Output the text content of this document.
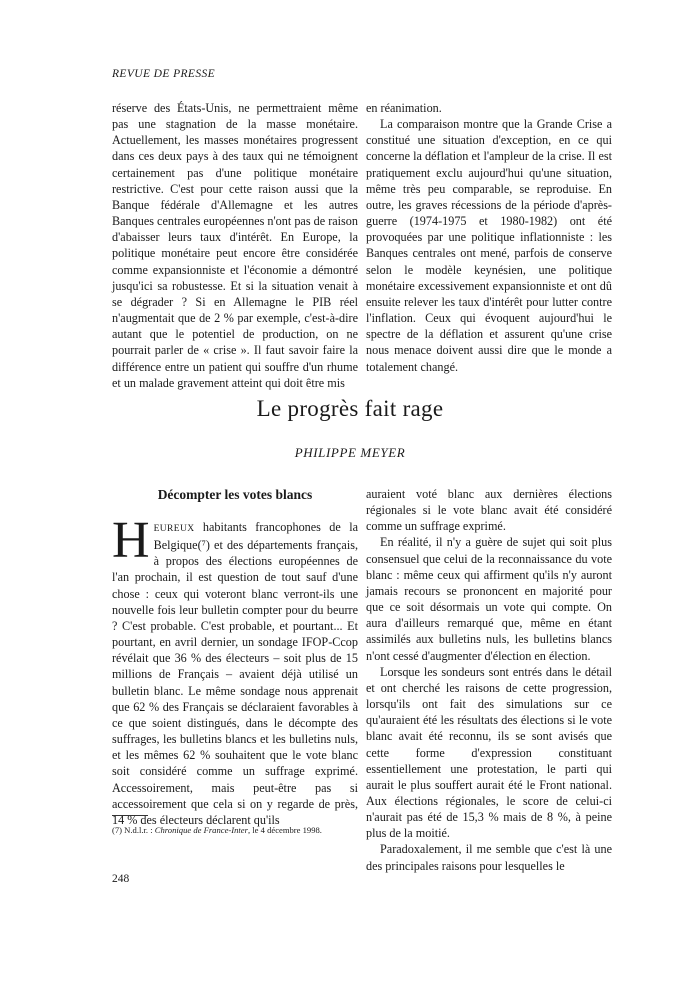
REVUE DE PRESSE

réserve des États-Unis, ne permettraient même pas une stagnation de la masse monétaire. Actuellement, les masses monétaires progressent dans ces deux pays à des taux qui ne témoignent certainement pas d'une politique monétaire restrictive. C'est pour cette raison aussi que la Banque fédérale d'Allemagne et les autres Banques centrales européennes n'ont pas de raison d'abaisser leurs taux d'intérêt. En Europe, la politique monétaire peut encore être considérée comme expansionniste et l'économie a démontré jusqu'ici sa robustesse. Et si la situation venait à se dégrader ? Si en Allemagne le PIB réel n'augmentait que de 2 % par exemple, c'est-à-dire autant que le potentiel de production, on ne pourrait parler de « crise ». Il faut savoir faire la différence entre un patient qui souffre d'un rhume et un malade gravement atteint qui doit être mis

en réanimation.

La comparaison montre que la Grande Crise a constitué une situation d'exception, en ce qui concerne la déflation et l'ampleur de la crise. Il est pratiquement exclu aujourd'hui qu'une situation, même très peu comparable, se reproduise. En outre, les graves récessions de la période d'après-guerre (1974-1975 et 1980-1982) ont été provoquées par une politique inflationniste : les Banques centrales ont mené, parfois de conserve selon le modèle keynésien, une politique monétaire excessivement expansionniste et ont dû ensuite relever les taux d'intérêt pour lutter contre l'inflation. Ceux qui évoquent aujourd'hui le spectre de la déflation et assurent qu'une crise nous menace doivent aussi dire que le monde a totalement changé.

Le progrès fait rage
PHILIPPE MEYER
Décompter les votes blancs

HEUREUX habitants francophones de la Belgique(⁷) et des départements français, à propos des élections européennes de l'an prochain, il est question de tout sauf d'une chose : ceux qui voteront blanc verront-ils une nouvelle fois leur bulletin compter pour du beurre ? C'est probable. C'est probable, et pourtant... Et pourtant, en avril dernier, un sondage IFOP-Ccop révélait que 36 % des électeurs – soit plus de 15 millions de Français – avaient déjà utilisé un bulletin blanc. Le même sondage nous apprenait que 62 % des Français se déclaraient favorables à ce que soient distingués, dans le décompte des suffrages, les bulletins blancs et les bulletins nuls, et les mêmes 62 % souhaitent que le vote blanc soit considéré comme un suffrage exprimé. Accessoirement, mais peut-être pas si accessoirement que cela si on y regarde de près, 14 % des électeurs déclarent qu'ils

auraient voté blanc aux dernières élections régionales si le vote blanc avait été considéré comme un suffrage exprimé.

En réalité, il n'y a guère de sujet qui soit plus consensuel que celui de la reconnaissance du vote blanc : même ceux qui affirment qu'ils n'y auront jamais recours se prononcent en majorité pour que ce soit désormais un vote qui compte. On aura d'ailleurs remarqué que, même en étant assimilés aux bulletins nuls, les bulletins blancs n'ont cessé d'augmenter d'élection en élection.

Lorsque les sondeurs sont entrés dans le détail et ont cherché les raisons de cette progression, lorsqu'ils ont fait des simulations sur ce qu'auraient été les résultats des élections si le vote blanc avait été reconnu, ils se sont avisés que cette forme d'expression constituant essentiellement une protestation, le parti qui aurait le plus souffert aurait été le Front national. Aux élections régionales, le score de celui-ci n'aurait pas été de 15,3 % mais de 8 %, à peine plus de la moitié.

Paradoxalement, il me semble que c'est là une des principales raisons pour lesquelles le

(7) N.d.l.r. : Chronique de France-Inter, le 4 décembre 1998.
248
